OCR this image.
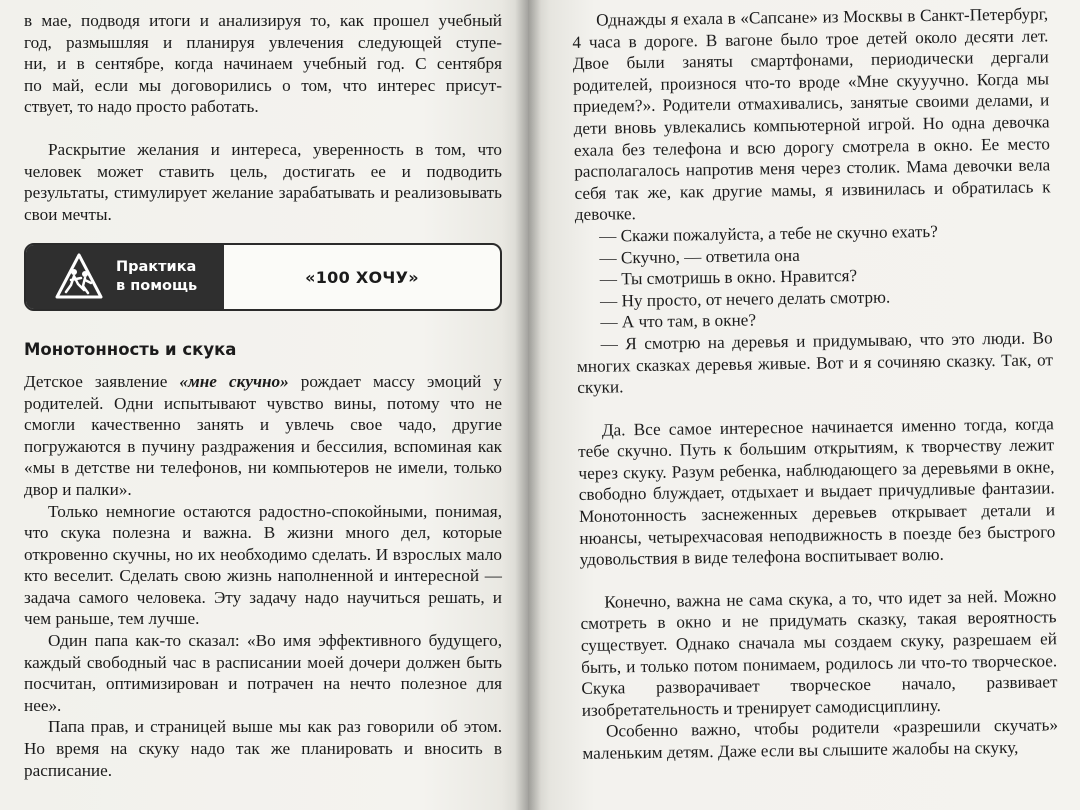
в мае, подводя итоги и анализируя то, как прошел учебный

год, размышляя и планируя увлечения следующей ступе-

ни, и в сентябре, когда начинаем учебный год. С сентября

по май, если мы договорились о том, что интерес присут-

ствует, то надо просто работать.

Раскрытие желания и интереса, уверенность в том, что человек может ставить цель, достигать ее и подводить результаты, стимулирует желание зарабатывать и реализовывать свои мечты.

Практика
в помощь	«100 ХОЧУ»
Монотонность и скука

Детское заявление «мне скучно» рождает массу эмоций у родителей. Одни испытывают чувство вины, потому что не смогли качественно занять и увлечь свое чадо, другие погружаются в пучину раздражения и бессилия, вспоминая как «мы в детстве ни телефонов, ни компьютеров не имели, только двор и палки».

Только немногие остаются радостно-спокойными, понимая, что скука полезна и важна. В жизни много дел, которые откровенно скучны, но их необходимо сделать. И взрослых мало кто веселит. Сделать свою жизнь наполненной и интересной — задача самого человека. Эту задачу надо научиться решать, и чем раньше, тем лучше.

Один папа как-то сказал: «Во имя эффективного будущего, каждый свободный час в расписании моей дочери должен быть посчитан, оптимизирован и потрачен на нечто полезное для нее».

Папа прав, и страницей выше мы как раз говорили об этом. Но время на скуку надо так же планировать и вносить в расписание.

Однажды я ехала в «Сапсане» из Москвы в Санкт-Петербург, 4 часа в дороге. В вагоне было трое детей около десяти лет. Двое были заняты смартфонами, периодически дергали родителей, произнося что-то вроде «Мне скууучно. Когда мы приедем?». Родители отмахивались, занятые своими делами, и дети вновь увлекались компьютерной игрой. Но одна девочка ехала без телефона и всю дорогу смотрела в окно. Ее место располагалось напротив меня через столик. Мама девочки вела себя так же, как другие мамы, я извинилась и обратилась к девочке.

— Скажи пожалуйста, а тебе не скучно ехать?

— Скучно, — ответила она

— Ты смотришь в окно. Нравится?

— Ну просто, от нечего делать смотрю.

— А что там, в окне?

— Я смотрю на деревья и придумываю, что это люди. Во многих сказках деревья живые. Вот и я сочиняю сказку. Так, от скуки.

Да. Все самое интересное начинается именно тогда, когда тебе скучно. Путь к большим открытиям, к творчеству лежит через скуку. Разум ребенка, наблюдающего за деревьями в окне, свободно блуждает, отдыхает и выдает причудливые фантазии. Монотонность заснеженных деревьев открывает детали и нюансы, четырехчасовая неподвижность в поезде без быстрого удовольствия в виде телефона воспитывает волю.

Конечно, важна не сама скука, а то, что идет за ней. Можно смотреть в окно и не придумать сказку, такая вероятность существует. Однако сначала мы создаем скуку, разрешаем ей быть, и только потом понимаем, родилось ли что-то творческое. Скука разворачивает творческое начало, развивает изобретательность и тренирует самодисциплину.

Особенно важно, чтобы родители «разрешили скучать» маленьким детям. Даже если вы слышите жалобы на скуку,
